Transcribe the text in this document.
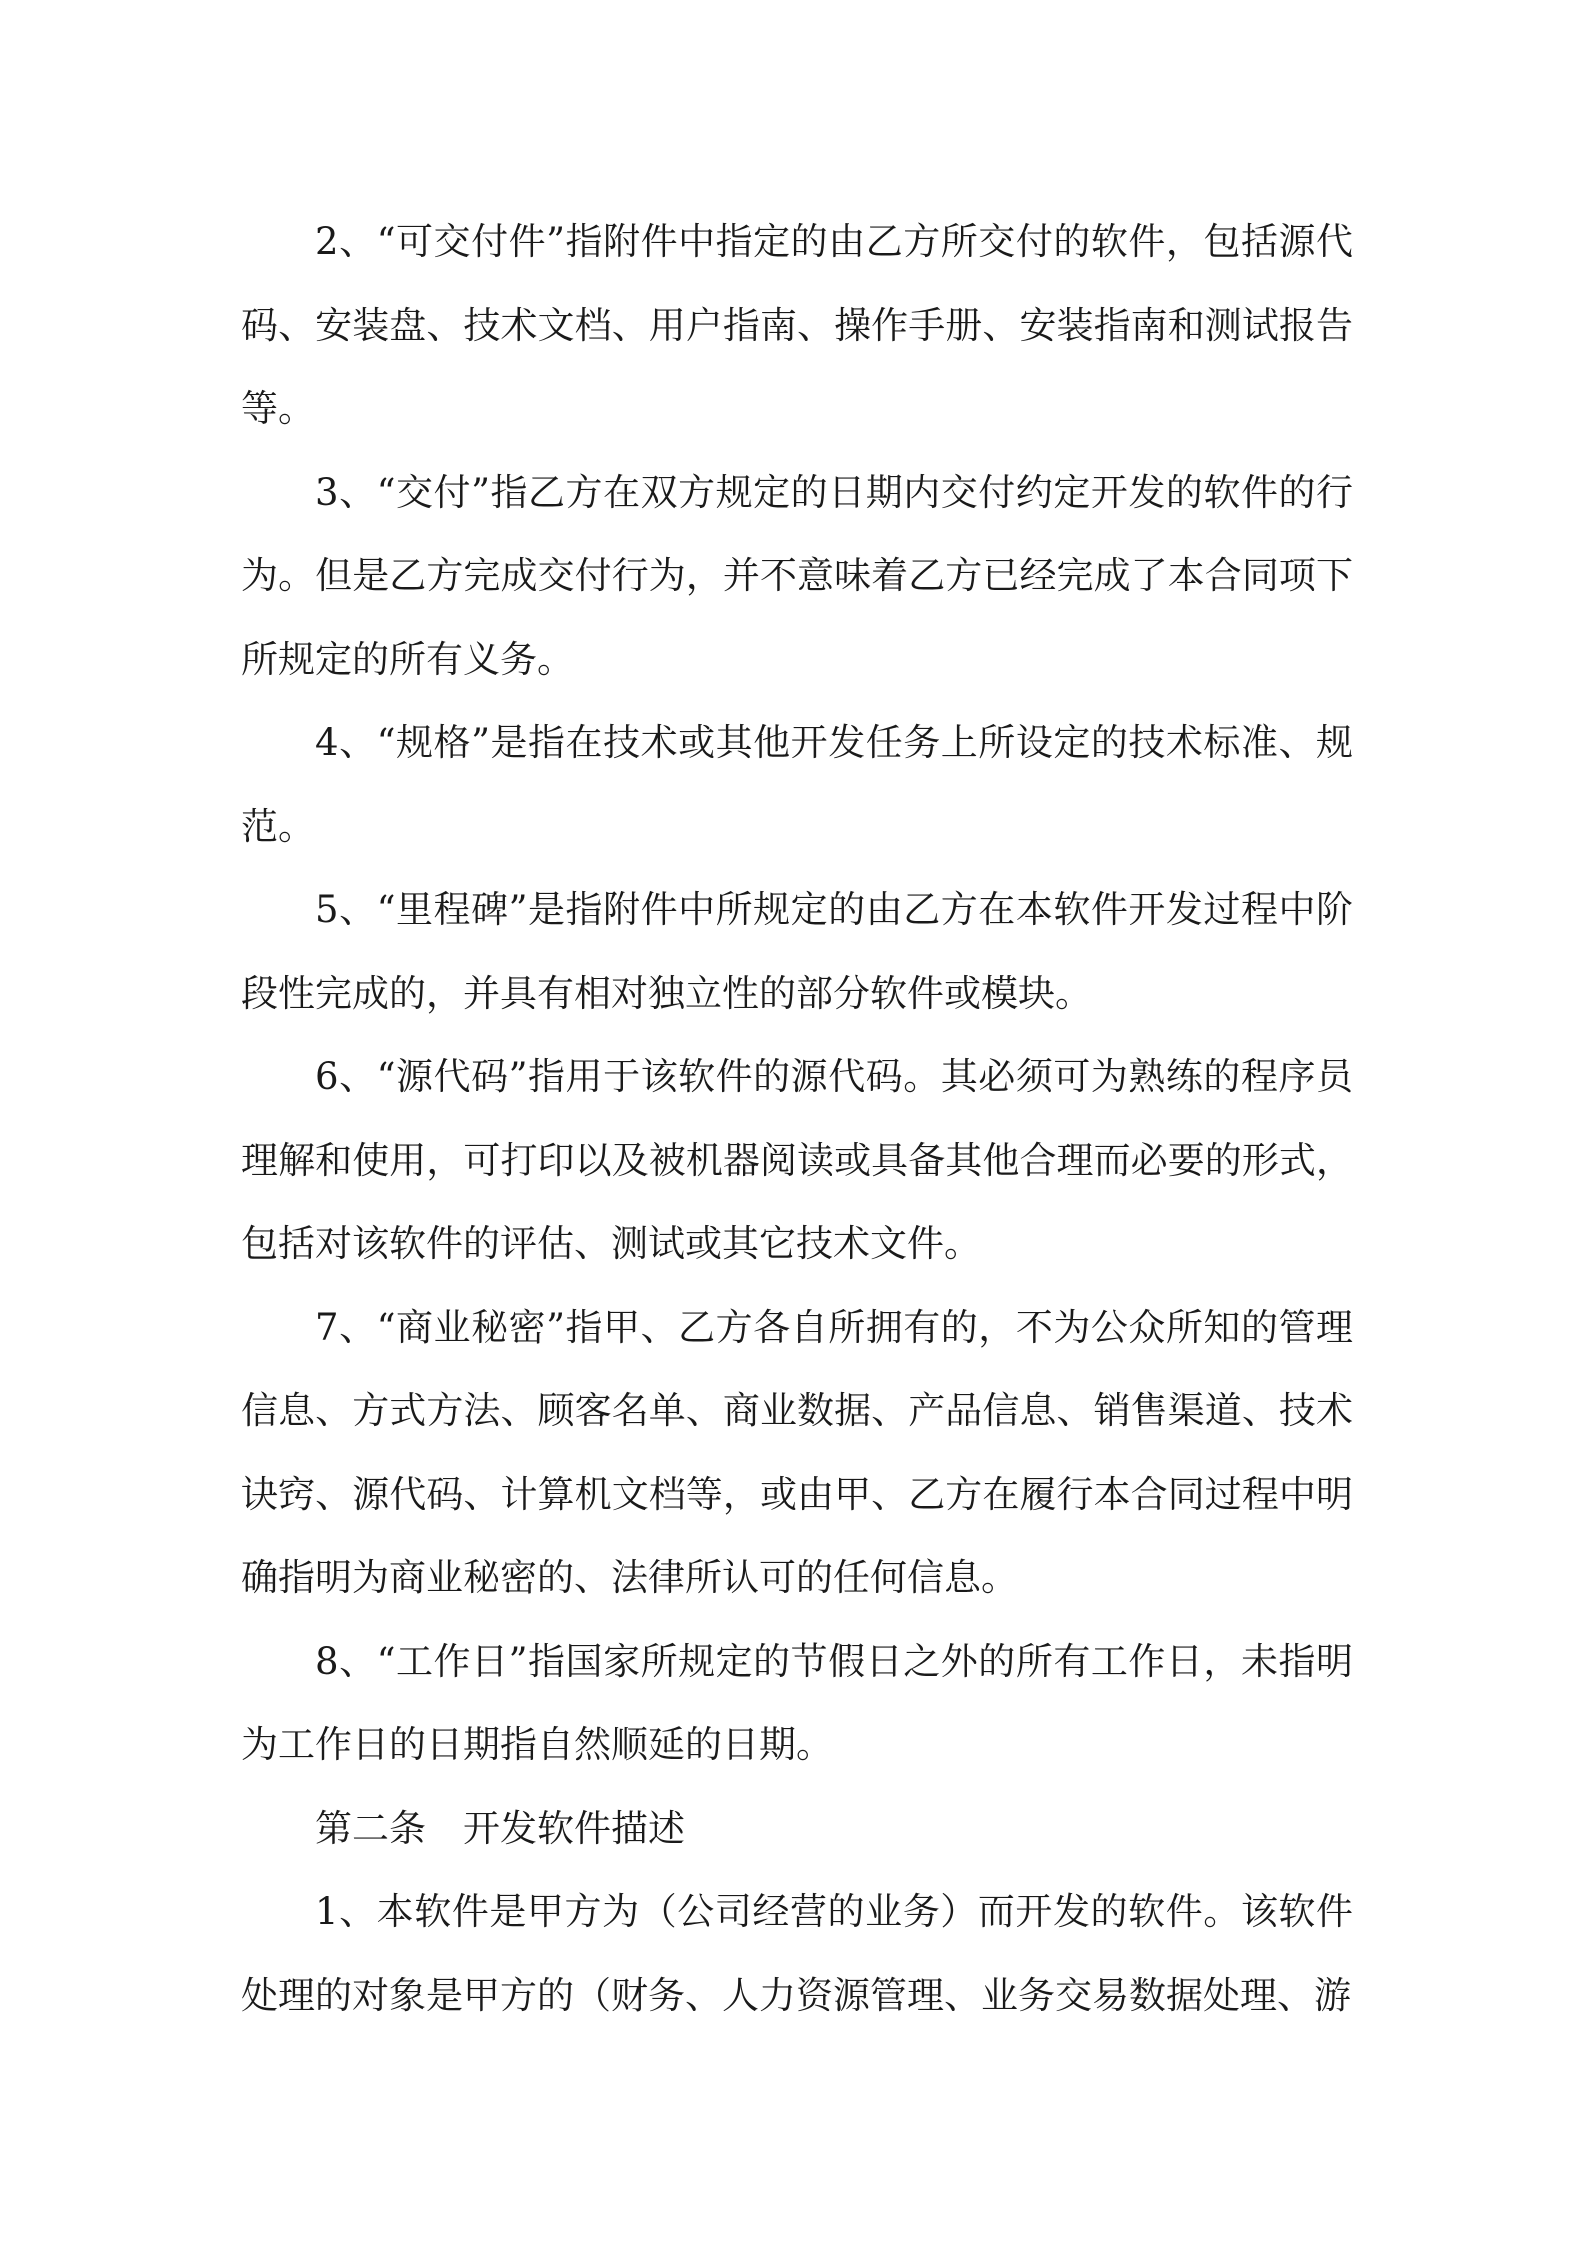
2、“可交付件”指附件中指定的由乙方所交付的软件，包括源代码、安装盘、技术文档、用户指南、操作手册、安装指南和测试报告等。

3、“交付”指乙方在双方规定的日期内交付约定开发的软件的行为。但是乙方完成交付行为，并不意味着乙方已经完成了本合同项下所规定的所有义务。

4、“规格”是指在技术或其他开发任务上所设定的技术标准、规范。

5、“里程碑”是指附件中所规定的由乙方在本软件开发过程中阶段性完成的，并具有相对独立性的部分软件或模块。

6、“源代码”指用于该软件的源代码。其必须可为熟练的程序员理解和使用，可打印以及被机器阅读或具备其他合理而必要的形式，包括对该软件的评估、测试或其它技术文件。

7、“商业秘密”指甲、乙方各自所拥有的，不为公众所知的管理信息、方式方法、顾客名单、商业数据、产品信息、销售渠道、技术诀窍、源代码、计算机文档等，或由甲、乙方在履行本合同过程中明确指明为商业秘密的、法律所认可的任何信息。

8、“工作日”指国家所规定的节假日之外的所有工作日，未指明为工作日的日期指自然顺延的日期。

第二条　开发软件描述

1、本软件是甲方为（公司经营的业务）而开发的软件。该软件处理的对象是甲方的（财务、人力资源管理、业务交易数据处理、游
